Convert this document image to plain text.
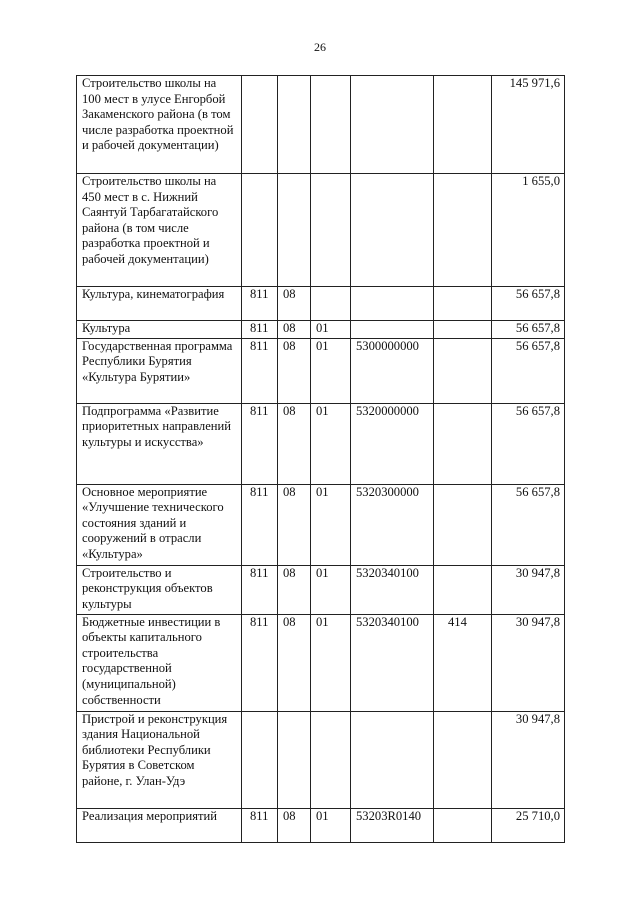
26
Строительство школы на 100 мест в улусе Енгорбой Закаменского района (в том числе разработка проектной и рабочей документации)						145 971,6
Строительство школы на 450 мест в с. Нижний Саянтуй Тарбагатайского района (в том числе разработка проектной и рабочей документации)						1 655,0
Культура, кинематография	811	08				56 657,8
Культура	811	08	01			56 657,8
Государственная программа Республики Бурятия «Культура Бурятии»	811	08	01	5300000000		56 657,8
Подпрограмма «Развитие приоритетных направлений культуры и искусства»	811	08	01	5320000000		56 657,8
Основное мероприятие «Улучшение технического состояния зданий и сооружений в отрасли «Культура»	811	08	01	5320300000		56 657,8
Строительство и реконструкция объектов культуры	811	08	01	5320340100		30 947,8
Бюджетные инвестиции в объекты капитального строительства государственной (муниципальной) собственности	811	08	01	5320340100	414	30 947,8
Пристрой и реконструкция здания Национальной библиотеки Республики Бурятия в Советском районе, г. Улан-Удэ						30 947,8
Реализация мероприятий	811	08	01	53203R0140		25 710,0
